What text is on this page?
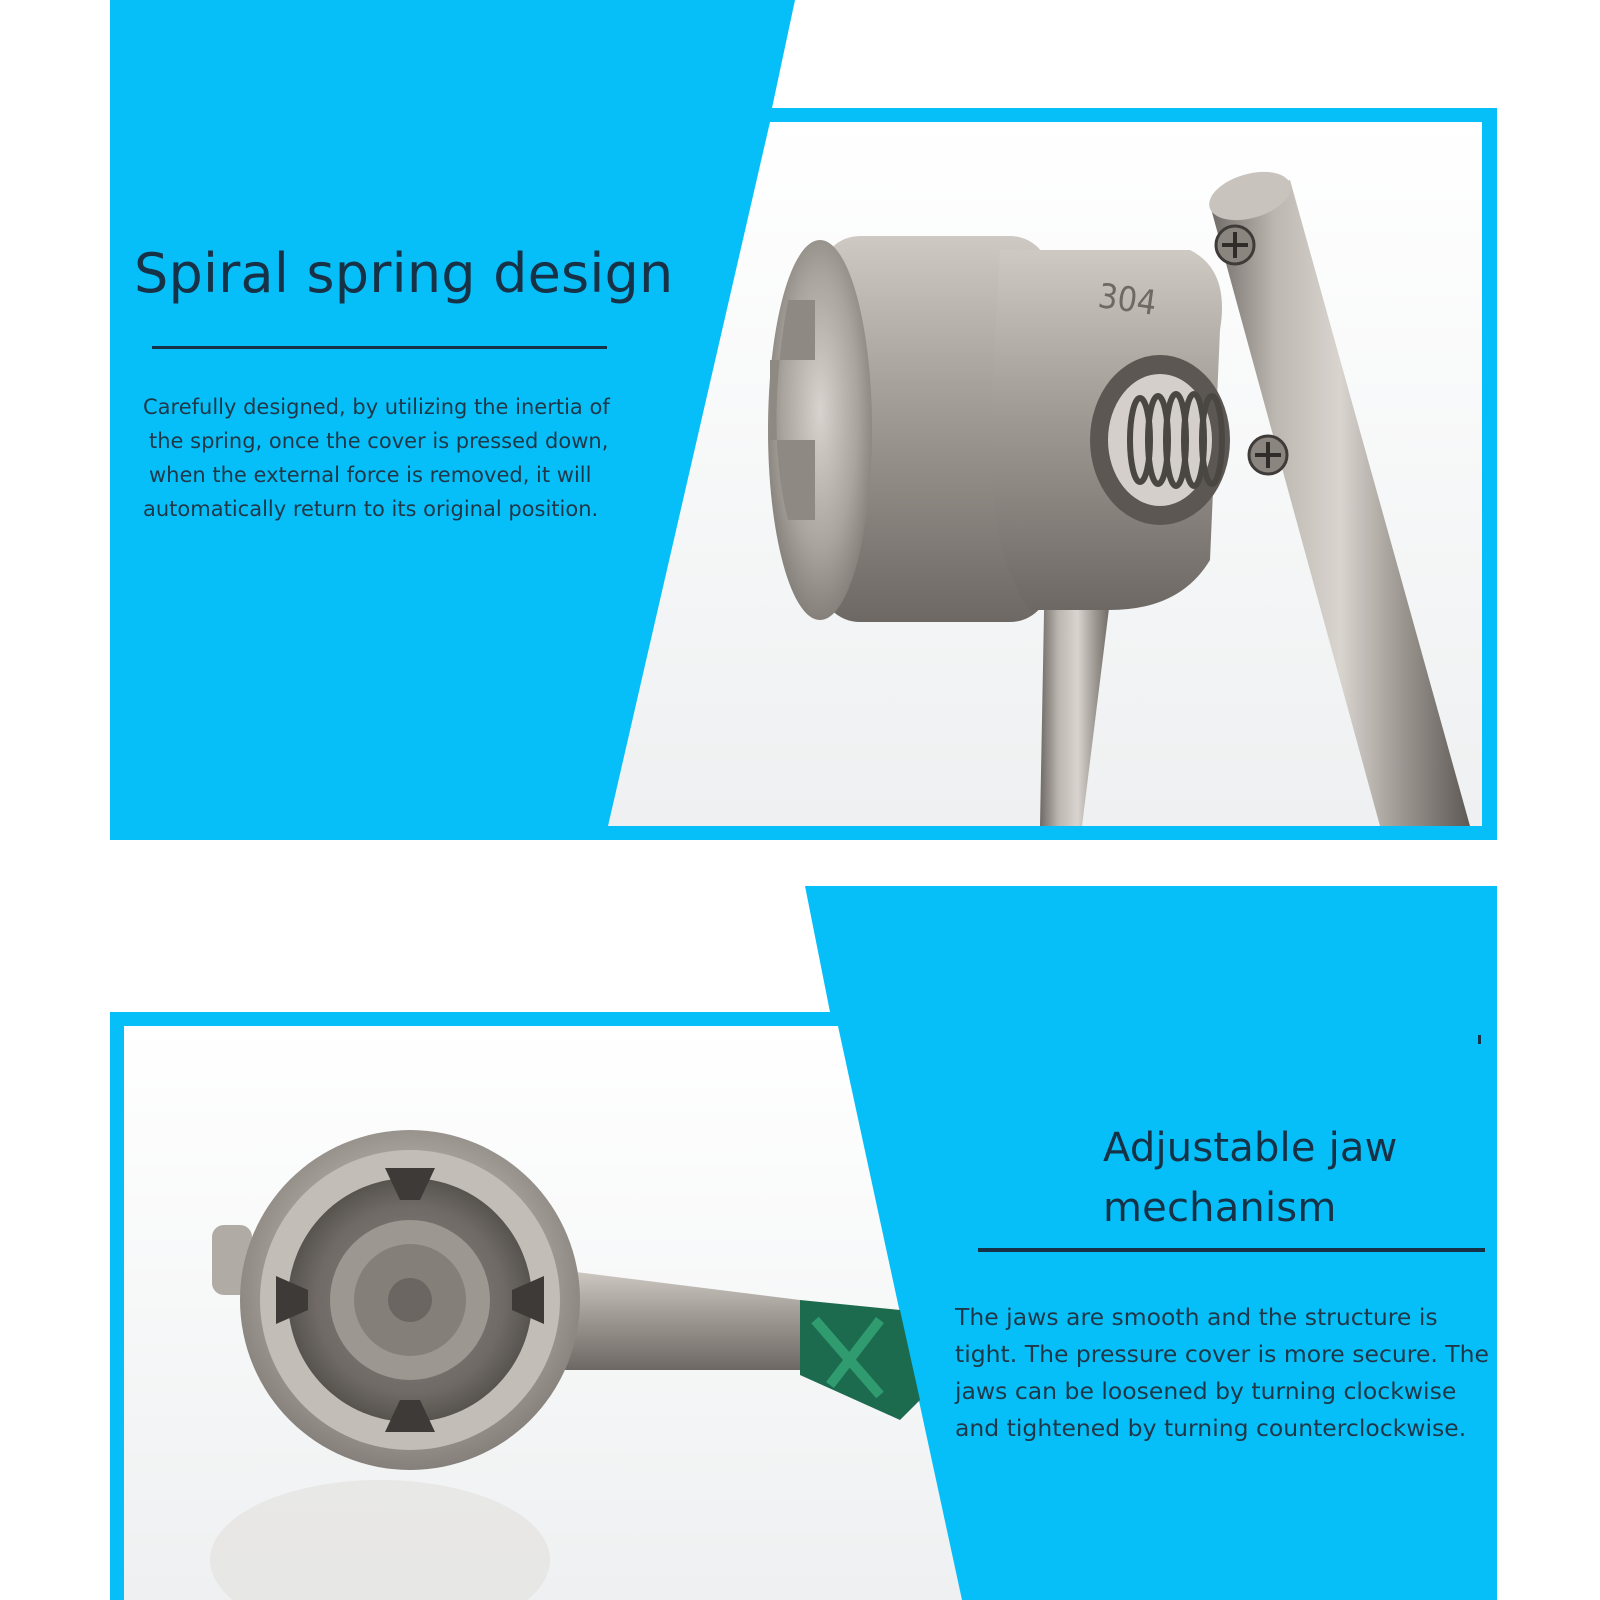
304
Spiral spring design
Carefully designed, by utilizing the inertia of
the spring, once the cover is pressed down,
when the external force is removed, it will
automatically return to its original position.
Adjustable jaw
mechanism
The jaws are smooth and the structure is
tight. The pressure cover is more secure. The
jaws can be loosened by turning clockwise
and tightened by turning counterclockwise.
